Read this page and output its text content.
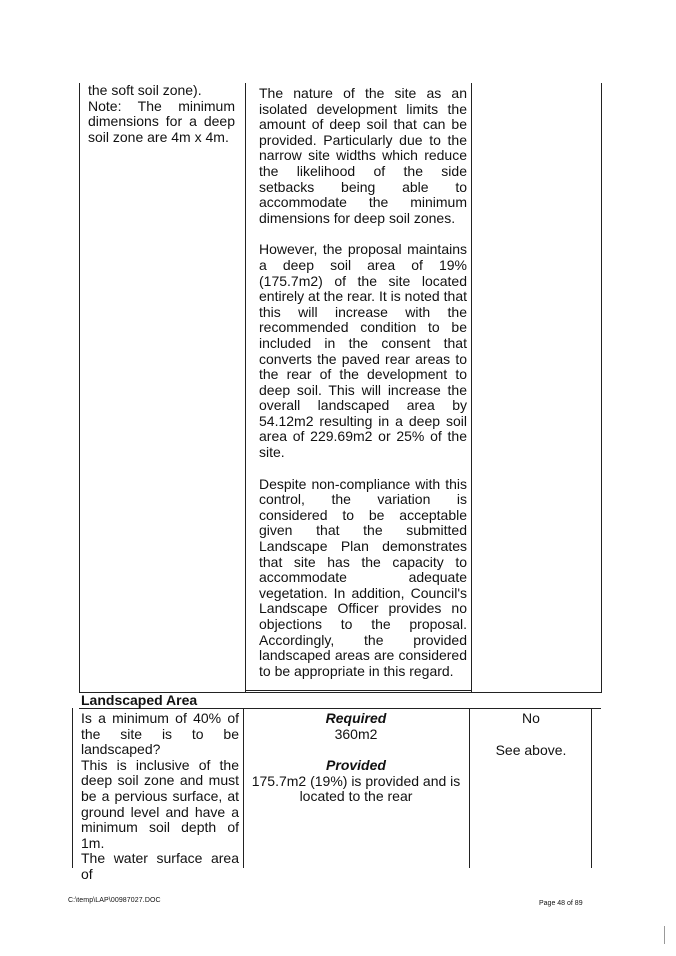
the soft soil zone).

Note: The minimum dimensions for a deep soil zone are 4m x 4m.

The nature of the site as an isolated development limits the amount of deep soil that can be provided. Particularly due to the narrow site widths which reduce the likelihood of the side setbacks being able to accommodate the minimum dimensions for deep soil zones.

However, the proposal maintains a deep soil area of 19% (175.7m2) of the site located entirely at the rear. It is noted that this will increase with the recommended condition to be included in the consent that converts the paved rear areas to the rear of the development to deep soil. This will increase the overall landscaped area by 54.12m2 resulting in a deep soil area of 229.69m2 or 25% of the site.

Despite non-compliance with this control, the variation is considered to be acceptable given that the submitted Landscape Plan demonstrates that site has the capacity to accommodate adequate vegetation. In addition, Council's Landscape Officer provides no objections to the proposal. Accordingly, the provided landscaped areas are considered to be appropriate in this regard.

Landscaped Area

Is a minimum of 40% of the site is to be landscaped?

This is inclusive of the deep soil zone and must be a pervious surface, at ground level and have a minimum soil depth of 1m.

The water surface area of

Required

360m2

Provided

175.7m2 (19%) is provided and is located to the rear

No

See above.

C:\temp\LAP\00987027.DOC	Page 48 of 89
